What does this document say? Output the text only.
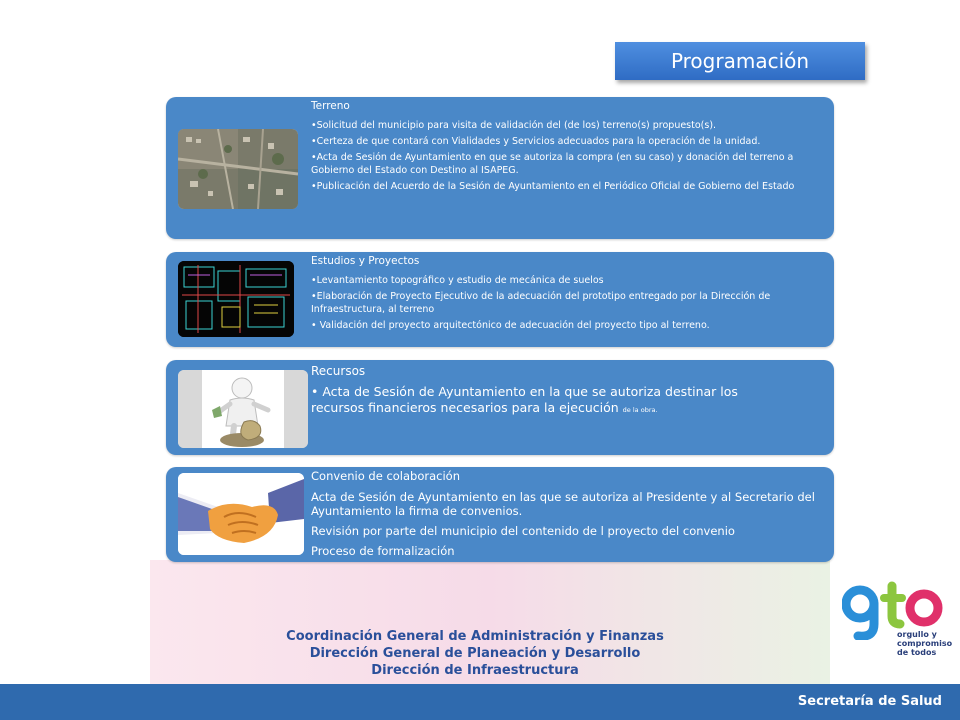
Programación
Terreno
•Solicitud del municipio para visita de validación del (de los) terreno(s) propuesto(s).
•Certeza de que contará con Vialidades y Servicios adecuados para la operación de la unidad.
•Acta de Sesión de Ayuntamiento en que se autoriza la compra (en su caso) y donación del terreno a Gobierno del Estado con Destino al ISAPEG.
•Publicación del Acuerdo de la Sesión de Ayuntamiento en el Periódico Oficial de Gobierno del Estado
Estudios y Proyectos
•Levantamiento topográfico y estudio de mecánica de suelos
•Elaboración de Proyecto Ejecutivo de la adecuación del prototipo entregado por la Dirección de Infraestructura, al terreno
• Validación del proyecto arquitectónico de adecuación del proyecto tipo al terreno.
Recursos
• Acta de Sesión de Ayuntamiento en la que se autoriza destinar los recursos financieros necesarios para la ejecución de la obra.
Convenio de colaboración
Acta de Sesión de Ayuntamiento en las que se autoriza al Presidente y al Secretario del Ayuntamiento la firma de convenios.
Revisión por parte del municipio del contenido de l proyecto del convenio
Proceso de formalización
Coordinación General de Administración y Finanzas
Dirección General de Planeación y Desarrollo
Dirección de Infraestructura
orgullo y
compromiso
de todos
Secretaría de Salud
